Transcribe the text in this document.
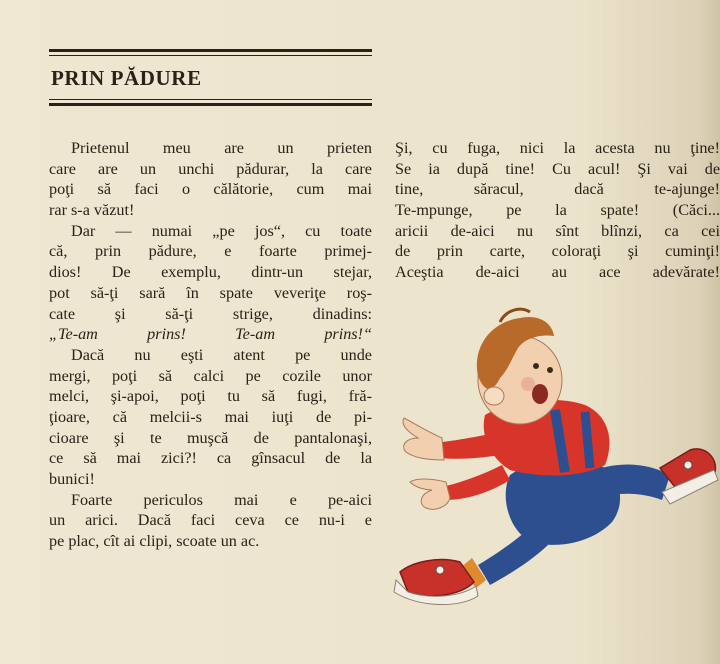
PRIN PĂDURE
Prietenul meu are un prieten
care are un unchi pădurar, la care
poţi să faci o călătorie, cum mai
rar s-a văzut!
Dar — numai „pe jos“, cu toate
că, prin pădure, e foarte primej-
dios! De exemplu, dintr-un stejar,
pot să-ţi sară în spate veveriţe roş-
cate şi să-ţi strige, dinadins:
„Te-am prins! Te-am prins!“
Dacă nu eşti atent pe unde
mergi, poţi să calci pe cozile unor
melci, şi-apoi, poţi tu să fugi, fră-
ţioare, că melcii-s mai iuţi de pi-
cioare şi te muşcă de pantalonaşi,
ce să mai zici?! ca gînsacul de la
bunici!
Foarte periculos mai e pe-aici
un arici. Dacă faci ceva ce nu-i e
pe plac, cît ai clipi, scoate un ac.
Şi, cu fuga, nici la acesta nu ţine!
Se ia după tine! Cu acul! Şi vai de
tine, săracul, dacă te-ajunge!
Te-mpunge, pe la spate! (Căci...
aricii de-aici nu sînt blînzi, ca cei
de prin carte, coloraţi şi cuminţi!
Aceştia de-aici au ace adevărate!
